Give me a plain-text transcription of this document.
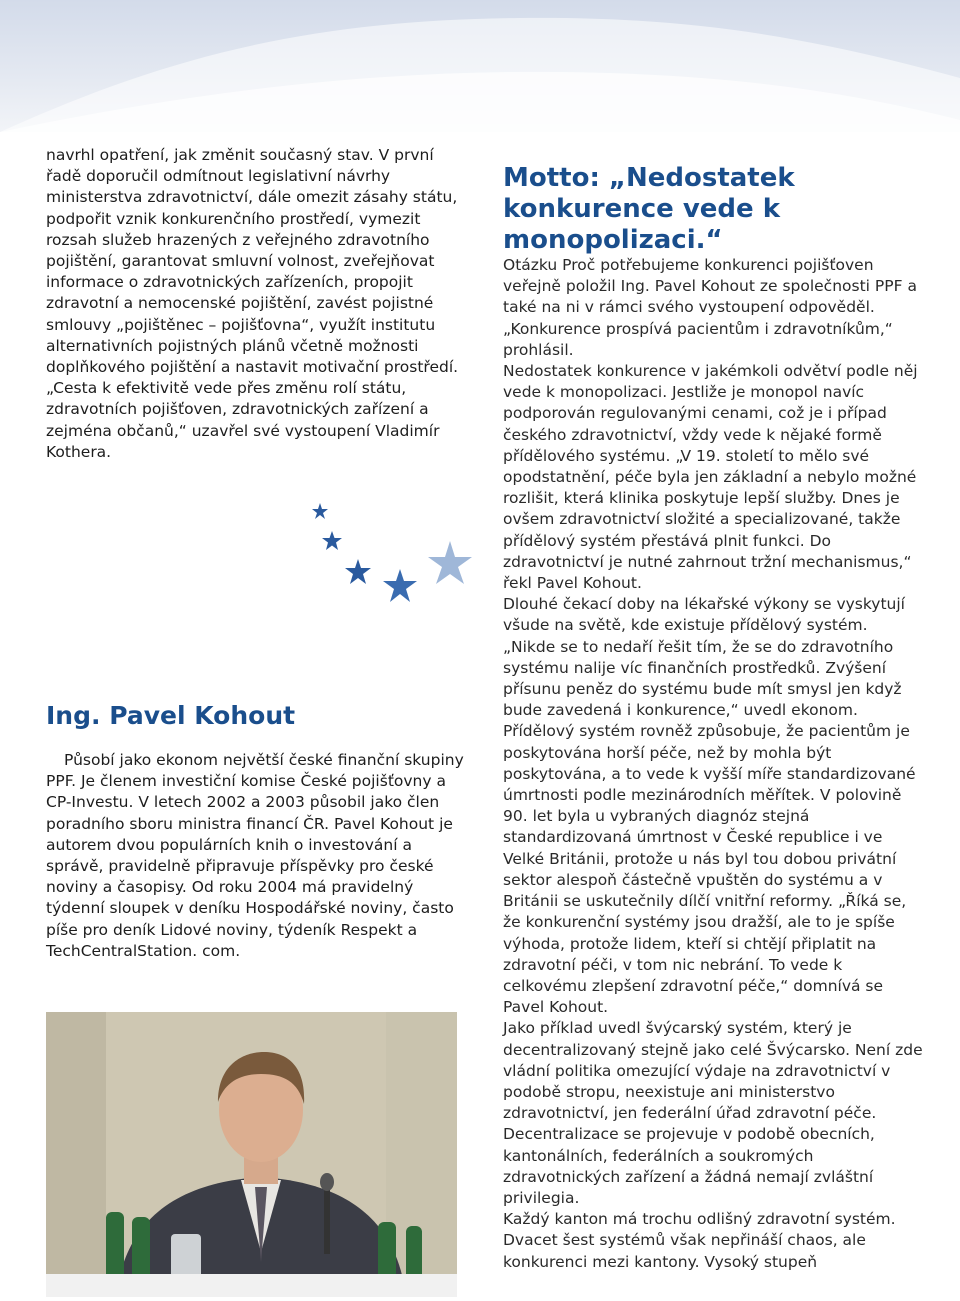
navrhl opatření, jak změnit současný stav. V první řadě doporučil odmítnout legislativní návrhy ministerstva zdravotnictví, dále omezit zásahy státu, podpořit vznik konkurenčního prostředí, vymezit rozsah služeb hrazených z veřejného zdravotního pojištění, garantovat smluvní volnost, zveřejňovat informace o zdravotnických zařízeních, propojit zdravotní a nemocenské pojištění, zavést pojistné smlouvy „pojištěnec – pojišťovna“, využít institutu alternativních pojistných plánů včetně možnosti doplňkového pojištění a nastavit motivační prostředí.

„Cesta k efektivitě vede přes změnu rolí státu, zdravotních pojišťoven, zdravotnických zařízení a zejména občanů,“ uzavřel své vystoupení Vladimír Kothera.

Ing. Pavel Kohout

Působí jako ekonom největší české finanční skupiny PPF. Je členem investiční komise České pojišťovny a CP-Investu. V letech 2002 a 2003 působil jako člen poradního sboru ministra financí ČR. Pavel Kohout je autorem dvou populárních knih o investování a správě, pravidelně připravuje příspěvky pro české noviny a časopisy. Od roku 2004 má pravidelný týdenní sloupek v deníku Hospodářské noviny, často píše pro deník Lidové noviny, týdeník Respekt a TechCentralStation. com.

Motto: „Nedostatek konkurence vede k monopolizaci.“

Otázku Proč potřebujeme konkurenci pojišťoven veřejně položil Ing. Pavel Kohout ze společnosti PPF a také na ni v rámci svého vystoupení odpověděl. „Konkurence prospívá pacientům i zdravotníkům,“ prohlásil.

Nedostatek konkurence v jakémkoli odvětví podle něj vede k monopolizaci. Jestliže je monopol navíc podporován regulovanými cenami, což je i případ českého zdravotnictví, vždy vede k nějaké formě přídělového systému. „V 19. století to mělo své opodstatnění, péče byla jen základní a nebylo možné rozlišit, která klinika poskytuje lepší služby. Dnes je ovšem zdravotnictví složité a specializované, takže přídělový systém přestává plnit funkci. Do zdravotnictví je nutné zahrnout tržní mechanismus,“ řekl Pavel Kohout.

Dlouhé čekací doby na lékařské výkony se vyskytují všude na světě, kde existuje přídělový systém. „Nikde se to nedaří řešit tím, že se do zdravotního systému nalije víc finančních prostředků. Zvýšení přísunu peněz do systému bude mít smysl jen když bude zavedená i konkurence,“ uvedl ekonom.

Přídělový systém rovněž způsobuje, že pacientům je poskytována horší péče, než by mohla být poskytována, a to vede k vyšší míře standardizované úmrtnosti podle mezinárodních měřítek. V polovině 90. let byla u vybraných diagnóz stejná standardizovaná úmrtnost v České republice i ve Velké Británii, protože u nás byl tou dobou privátní sektor alespoň částečně vpuštěn do systému a v Británii se uskutečnily dílčí vnitřní reformy. „Říká se, že konkurenční systémy jsou dražší, ale to je spíše výhoda, protože lidem, kteří si chtějí připlatit na zdravotní péči, v tom nic nebrání. To vede k celkovému zlepšení zdravotní péče,“ domnívá se Pavel Kohout.

Jako příklad uvedl švýcarský systém, který je decentralizovaný stejně jako celé Švýcarsko. Není zde vládní politika omezující výdaje na zdravotnictví v podobě stropu, neexistuje ani ministerstvo zdravotnictví, jen federální úřad zdravotní péče. Decentralizace se projevuje v podobě obecních, kantonálních, federálních a soukromých zdravotnických zařízení a žádná nemají zvláštní privilegia.

Každý kanton má trochu odlišný zdravotní systém. Dvacet šest systémů však nepřináší chaos, ale konkurenci mezi kantony. Vysoký stupeň
